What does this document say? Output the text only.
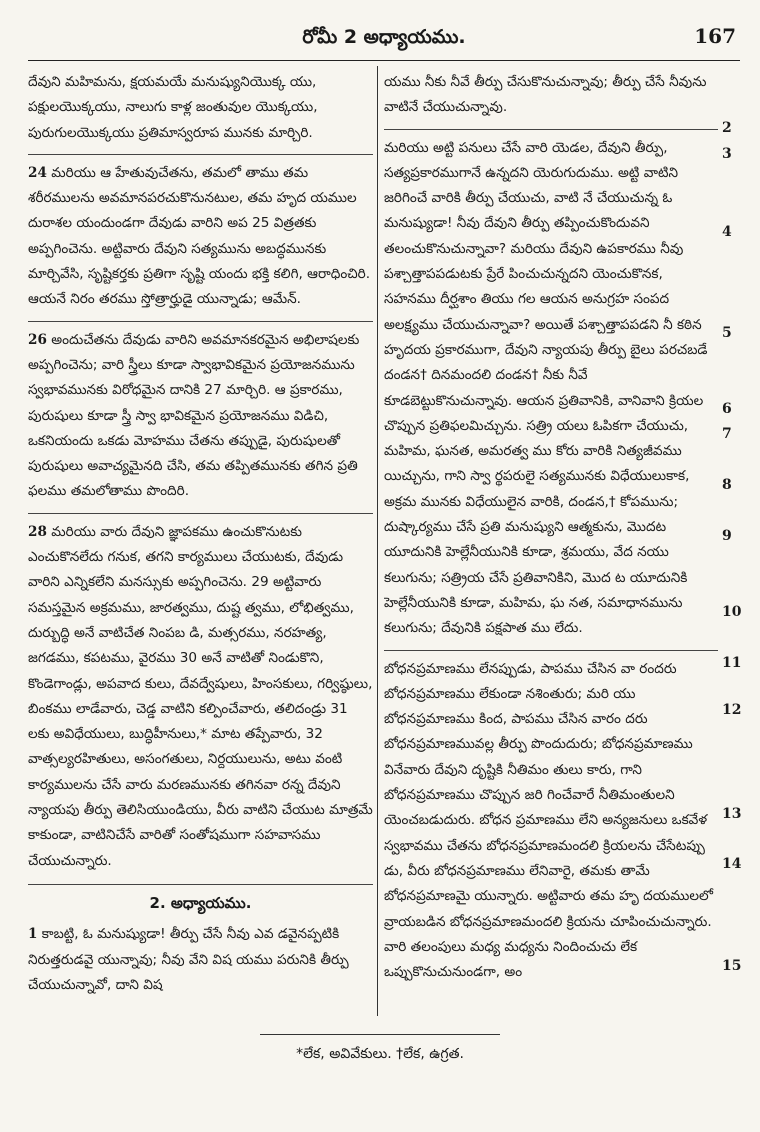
రోమీ 2 అధ్యాయము.	167

దేవుని మహిమను, క్షయమయే మనుష్యునియొక్క యు, పక్షులయొక్కయు, నాలుగు కాళ్ల జంతువుల యొక్కయు, పురుగులయొక్కయు ప్రతిమాస్వరూప మునకు మార్చిరి.

24 మరియు ఆ హేతువుచేతను, తమలో తాము తమ శరీరములను అవమానపరచుకొనునటుల, తమ హృద యముల దురాశల యందుండగా దేవుడు వారిని అప 25 విత్రతకు అప్పగించెను. అట్టివారు దేవుని సత్యమును అబద్ధమునకు మార్చివేసి, సృష్టికర్తకు ప్రతిగా సృష్టి యందు భక్తి కలిగి, ఆరాధించిరి. ఆయనే నిరం తరము స్తోత్రార్హుడై యున్నాడు; ఆమేన్.

26 అందుచేతను దేవుడు వారిని అవమానకరమైన అభిలాషలకు అప్పగించెను; వారి స్త్రీలు కూడా స్వాభావికమైన ప్రయోజనమును స్వభావమునకు విరోధమైన దానికి 27 మార్చిరి. ఆ ప్రకారము, పురుషులు కూడా స్త్రీ స్వా భావికమైన ప్రయోజనము విడిచి, ఒకనియందు ఒకడు మోహము చేతను తప్పుడై, పురుషులతో పురుషులు అవాచ్యమైనది చేసి, తమ తప్పితమునకు తగిన ప్రతి ఫలము తమలోతాము పొందిరి.

28 మరియు వారు దేవుని జ్ఞాపకము ఉంచుకొనుటకు ఎంచుకొనలేదు గనుక, తగని కార్యములు చేయుటకు, దేవుడు వారిని ఎన్నికలేని మనస్సుకు అప్పగించెను. 29 అట్టివారు సమస్తమైన అక్రమము, జారత్వము, దుష్ట త్వము, లోభిత్వము, దుర్బుద్ధి అనే వాటిచేత నింపబ డి, మత్సరము, నరహత్య, జగడము, కపటము, వైరము 30 అనే వాటితో నిండుకొని, కొండెగాండ్లు, అపవాద కులు, దేవద్వేషులు, హింసకులు, గర్విష్ఠులు, బింకము లాడేవారు, చెడ్డ వాటిని కల్పించేవారు, తలిదండ్రు 31 లకు అవిధేయులు, బుద్ధిహీనులు,* మాట తప్పేవారు, 32 వాత్సల్యరహితులు, అసంగతులు, నిర్దయులును, అటు వంటి కార్యములను చేసే వారు మరణమునకు తగినవా రన్న దేవుని న్యాయపు తీర్పు తెలిసియుండియు, వీరు వాటిని చేయుట మాత్రమే కాకుండా, వాటినిచేసే వారితో సంతోషముగా సహవాసము చేయుచున్నారు.

2. అధ్యాయము.

1 కాబట్టి, ఓ మనుష్యుడా! తీర్పు చేసే నీవు ఎవ డవైనప్పటికి నిరుత్తరుడవై యున్నావు; నీవు వేని విష యము పరునికి తీర్పు చేయుచున్నావో, దాని విష

యము నీకు నీవే తీర్పు చేసుకొనుచున్నావు; తీర్పు చేసే నీవును వాటినే చేయుచున్నావు.

మరియు అట్టి పనులు చేసే వారి యెడల, దేవుని తీర్పు, సత్యప్రకారముగానే ఉన్నదని యెరుగుదుము. అట్టి వాటిని జరిగించే వారికి తీర్పు చేయుచు, వాటి నే చేయుచున్న ఓ మనుష్యుడా! నీవు దేవుని తీర్పు తప్పించుకొందువని తలంచుకొనుచున్నావా? మరియు దేవుని ఉపకారము నీవు పశ్చాత్తాపపడుటకు ప్రేరే పించుచున్నదని యెంచుకొనక, సహనము దీర్ఘశాం తియు గల ఆయన అనుగ్రహ సంపద అలక్ష్యము చేయుచున్నావా? అయితే పశ్చాత్తాపపడని నీ కఠిన హృదయ ప్రకారముగా, దేవుని న్యాయపు తీర్పు బైలు పరచబడే దండన† దినమందలి దండన† నీకు నీవే కూడబెట్టుకొనుచున్నావు. ఆయన ప్రతివానికి, వానివాని క్రియల చొప్పున ప్రతిఫలమిచ్చును. సత్ర్రి యలు ఓపికగా చేయుచు, మహిమ, ఘనత, అమరత్వ ము కోరు వారికి నిత్యజీవము యిచ్చును, గాని స్వా ర్థపరులై సత్యమునకు విధేయులుకాక, అక్రమ మునకు విధేయులైన వారికి, దండన,† కోపమును; దుష్కార్యము చేసే ప్రతి మనుష్యుని ఆత్మకును, మొదట యూదునికి హెల్లేనీయునికి కూడా, శ్రమయు, వేద నయు కలుగును; సత్ర్రియ చేసే ప్రతివానికిని, మొద ట యూదునికి హెల్లేనీయునికి కూడా, మహిమ, ఘ నత, సమాధానమును కలుగును; దేవునికి పక్షపాత ము లేదు.

బోధనప్రమాణము లేనప్పుడు, పాపము చేసిన వా రందరు బోధనప్రమాణము లేకుండా నశింతురు; మరి యు బోధనప్రమాణము కింద, పాపము చేసిన వారం దరు బోధనప్రమాణమువల్ల తీర్పు పొందుదురు; బోధనప్రమాణము వినేవారు దేవుని దృష్టికి నీతిమం తులు కారు, గాని బోధనప్రమాణము చొప్పున జరి గించేవారే నీతిమంతులని యెంచబడుదురు. బోధన ప్రమాణము లేని అన్యజనులు ఒకవేళ స్వభావము చేతను బోధనప్రమాణమందలి క్రియలను చేసేటప్పు డు, వీరు బోధనప్రమాణము లేనివారై, తమకు తామే బోధనప్రమాణమై యున్నారు. అట్టివారు తమ హృ దయములలో వ్రాయబడిన బోధనప్రమాణమందలి క్రియను చూపించుచున్నారు. వారి తలంపులు మధ్య మధ్యను నిందించుచు లేక ఒప్పుకొనుచునుండగా, అం

2
3
4
5
6
7
8
9
10
11
12
13
14
15
*లేక, అవివేకులు. †లేక, ఉగ్రత.
